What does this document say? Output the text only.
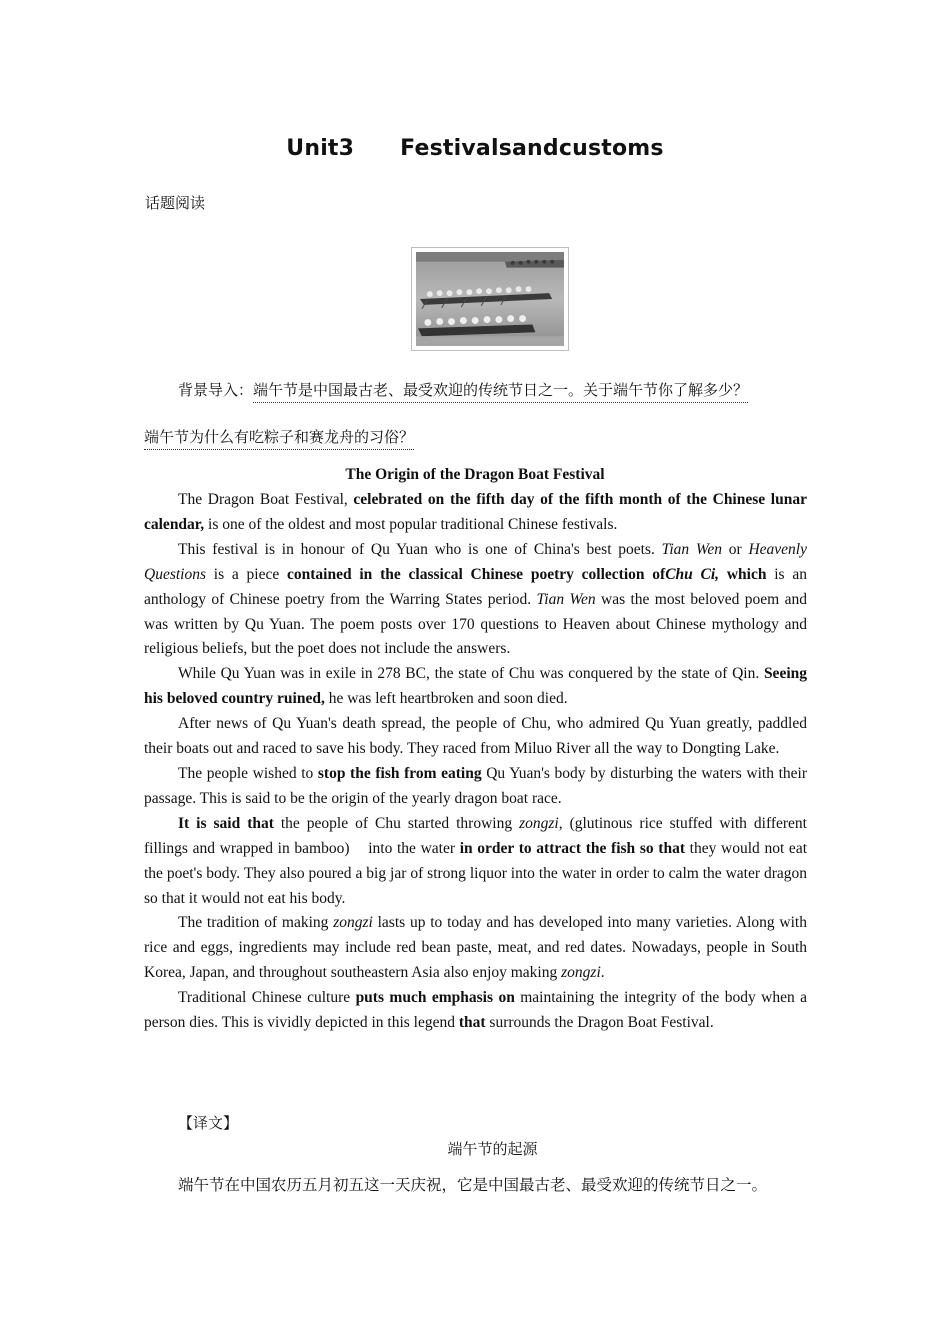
Unit3 Festivalsandcustoms
话题阅读
背景导入：端午节是中国最古老、最受欢迎的传统节日之一。关于端午节你了解多少？
端午节为什么有吃粽子和赛龙舟的习俗？
The Origin of the Dragon Boat Festival

The Dragon Boat Festival, celebrated on the fifth day of the fifth month of the Chinese lunar calendar, is one of the oldest and most popular traditional Chinese festivals.

This festival is in honour of Qu Yuan who is one of China's best poets. Tian Wen or Heavenly Questions is a piece contained in the classical Chinese poetry collection ofChu Ci, which is an anthology of Chinese poetry from the Warring States period. Tian Wen was the most beloved poem and was written by Qu Yuan. The poem posts over 170 questions to Heaven about Chinese mythology and religious beliefs, but the poet does not include the answers.

While Qu Yuan was in exile in 278 BC, the state of Chu was conquered by the state of Qin. Seeing his beloved country ruined, he was left heartbroken and soon died.

After news of Qu Yuan's death spread, the people of Chu, who admired Qu Yuan greatly, paddled their boats out and raced to save his body. They raced from Miluo River all the way to Dongting Lake.

The people wished to stop the fish from eating Qu Yuan's body by disturbing the waters with their passage. This is said to be the origin of the yearly dragon boat race.

It is said that the people of Chu started throwing zongzi, (glutinous rice stuffed with different fillings and wrapped in bamboo)    into the water in order to attract the fish so that they would not eat the poet's body. They also poured a big jar of strong liquor into the water in order to calm the water dragon so that it would not eat his body.

The tradition of making zongzi lasts up to today and has developed into many varieties. Along with rice and eggs, ingredients may include red bean paste, meat, and red dates. Nowadays, people in South Korea, Japan, and throughout southeastern Asia also enjoy making zongzi.

Traditional Chinese culture puts much emphasis on maintaining the integrity of the body when a person dies. This is vividly depicted in this legend that surrounds the Dragon Boat Festival.

【译文】
端午节的起源
端午节在中国农历五月初五这一天庆祝，它是中国最古老、最受欢迎的传统节日之一。
